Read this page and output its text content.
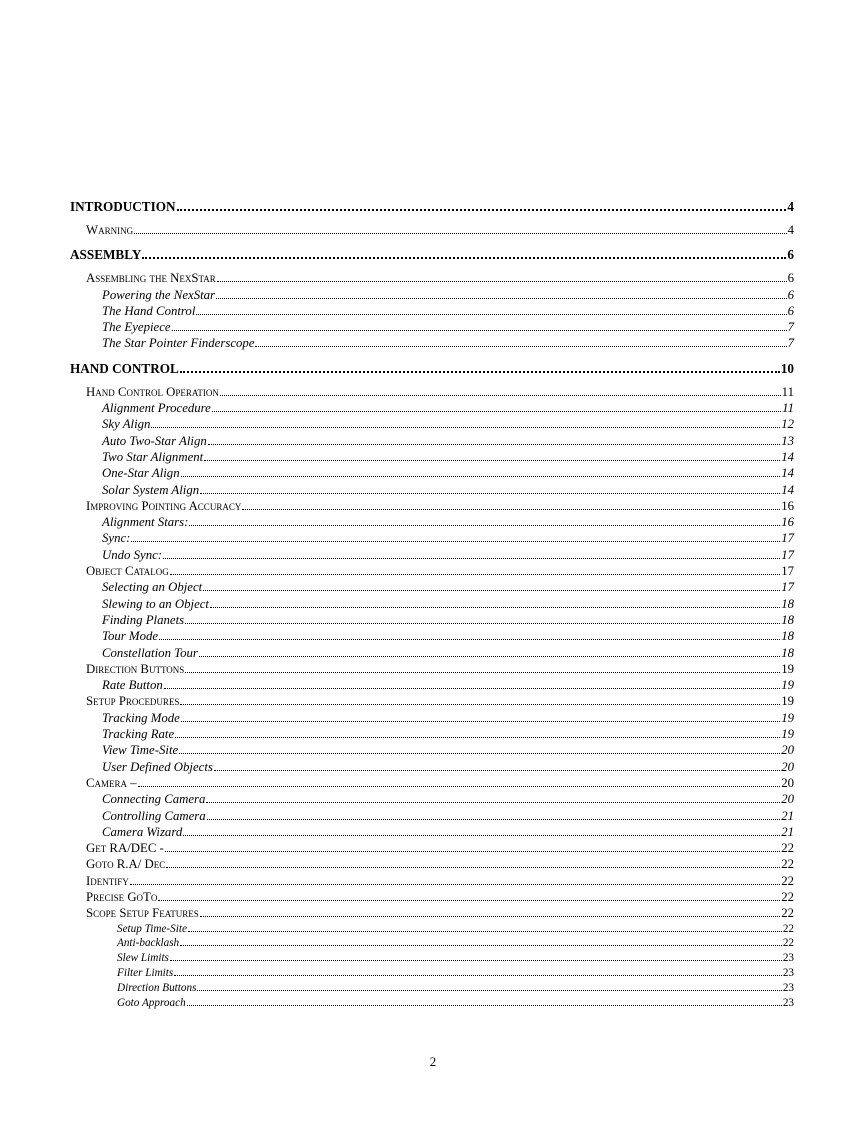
INTRODUCTION	4
Warning	4
ASSEMBLY	6
Assembling the NexStar	6
Powering the NexStar	6
The Hand Control	6
The Eyepiece	7
The Star Pointer Finderscope	7
HAND CONTROL	10
Hand Control Operation	11
Alignment Procedure	11
Sky Align	12
Auto Two-Star Align	13
Two Star Alignment	14
One-Star Align	14
Solar System Align	14
Improving Pointing Accuracy	16
Alignment Stars:	16
Sync:	17
Undo Sync:	17
Object Catalog	17
Selecting an Object	17
Slewing to an Object	18
Finding Planets	18
Tour Mode	18
Constellation Tour	18
Direction Buttons	19
Rate Button	19
Setup Procedures	19
Tracking Mode	19
Tracking Rate	19
View Time-Site	20
User Defined Objects	20
Camera –	20
Connecting Camera	20
Controlling Camera	21
Camera Wizard	21
Get RA/DEC -	22
Goto R.A/ Dec	22
Identify	22
Precise GoTo	22
Scope Setup Features	22
Setup Time-Site	22
Anti-backlash	22
Slew Limits	23
Filter Limits	23
Direction Buttons	23
Goto Approach	23
2
